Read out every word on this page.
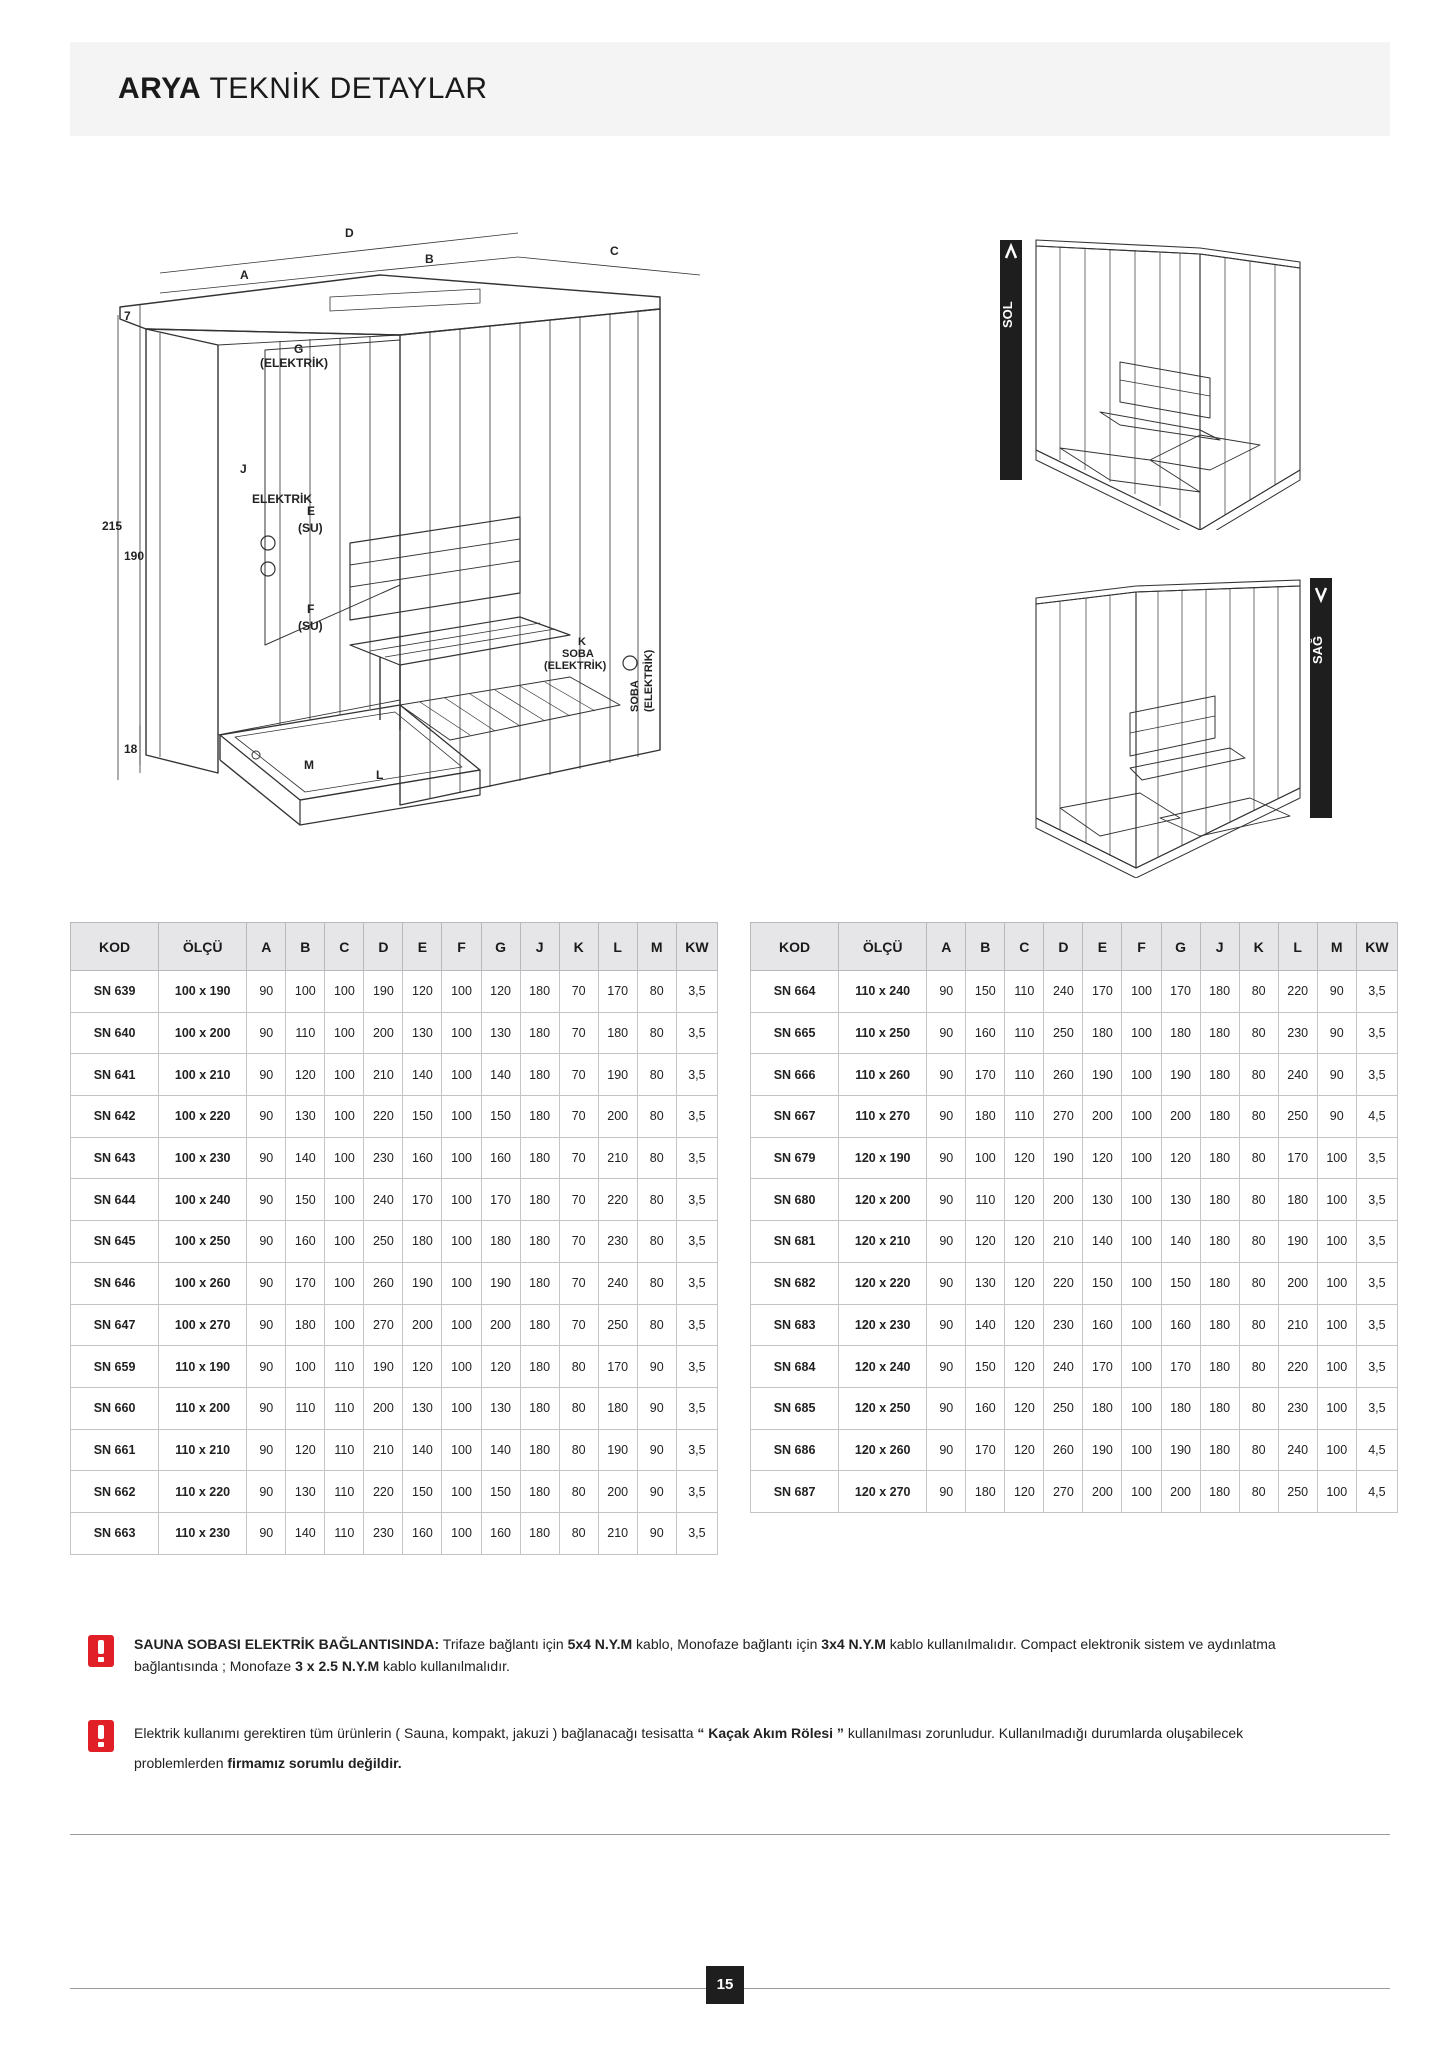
ARYA TEKNİK DETAYLAR
D
A
B
C
7
215
190
18
G
(ELEKTRİK)
J
ELEKTRİK
E
(SU)
F
(SU)
K
SOBA
(ELEKTRİK)
M
L
SOBA (ELEKTRİK)
SOL
SAĞ
KOD	ÖLÇÜ	A	B	C	D	E	F	G	J	K	L	M	KW
SN 639	100 x 190	90	100	100	190	120	100	120	180	70	170	80	3,5
SN 640	100 x 200	90	110	100	200	130	100	130	180	70	180	80	3,5
SN 641	100 x 210	90	120	100	210	140	100	140	180	70	190	80	3,5
SN 642	100 x 220	90	130	100	220	150	100	150	180	70	200	80	3,5
SN 643	100 x 230	90	140	100	230	160	100	160	180	70	210	80	3,5
SN 644	100 x 240	90	150	100	240	170	100	170	180	70	220	80	3,5
SN 645	100 x 250	90	160	100	250	180	100	180	180	70	230	80	3,5
SN 646	100 x 260	90	170	100	260	190	100	190	180	70	240	80	3,5
SN 647	100 x 270	90	180	100	270	200	100	200	180	70	250	80	3,5
SN 659	110 x 190	90	100	110	190	120	100	120	180	80	170	90	3,5
SN 660	110 x 200	90	110	110	200	130	100	130	180	80	180	90	3,5
SN 661	110 x 210	90	120	110	210	140	100	140	180	80	190	90	3,5
SN 662	110 x 220	90	130	110	220	150	100	150	180	80	200	90	3,5
SN 663	110 x 230	90	140	110	230	160	100	160	180	80	210	90	3,5
KOD	ÖLÇÜ	A	B	C	D	E	F	G	J	K	L	M	KW
SN 664	110 x 240	90	150	110	240	170	100	170	180	80	220	90	3,5
SN 665	110 x 250	90	160	110	250	180	100	180	180	80	230	90	3,5
SN 666	110 x 260	90	170	110	260	190	100	190	180	80	240	90	3,5
SN 667	110 x 270	90	180	110	270	200	100	200	180	80	250	90	4,5
SN 679	120 x 190	90	100	120	190	120	100	120	180	80	170	100	3,5
SN 680	120 x 200	90	110	120	200	130	100	130	180	80	180	100	3,5
SN 681	120 x 210	90	120	120	210	140	100	140	180	80	190	100	3,5
SN 682	120 x 220	90	130	120	220	150	100	150	180	80	200	100	3,5
SN 683	120 x 230	90	140	120	230	160	100	160	180	80	210	100	3,5
SN 684	120 x 240	90	150	120	240	170	100	170	180	80	220	100	3,5
SN 685	120 x 250	90	160	120	250	180	100	180	180	80	230	100	3,5
SN 686	120 x 260	90	170	120	260	190	100	190	180	80	240	100	4,5
SN 687	120 x 270	90	180	120	270	200	100	200	180	80	250	100	4,5
SAUNA SOBASI ELEKTRİK BAĞLANTISINDA: Trifaze bağlantı için 5x4 N.Y.M kablo, Monofaze bağlantı için 3x4 N.Y.M kablo kullanılmalıdır. Compact elektronik sistem ve aydınlatma bağlantısında ; Monofaze 3 x 2.5 N.Y.M kablo kullanılmalıdır.
Elektrik kullanımı gerektiren tüm ürünlerin ( Sauna, kompakt, jakuzi ) bağlanacağı tesisatta “ Kaçak Akım Rölesi ” kullanılması zorunludur. Kullanılmadığı durumlarda oluşabilecek problemlerden firmamız sorumlu değildir.
15
